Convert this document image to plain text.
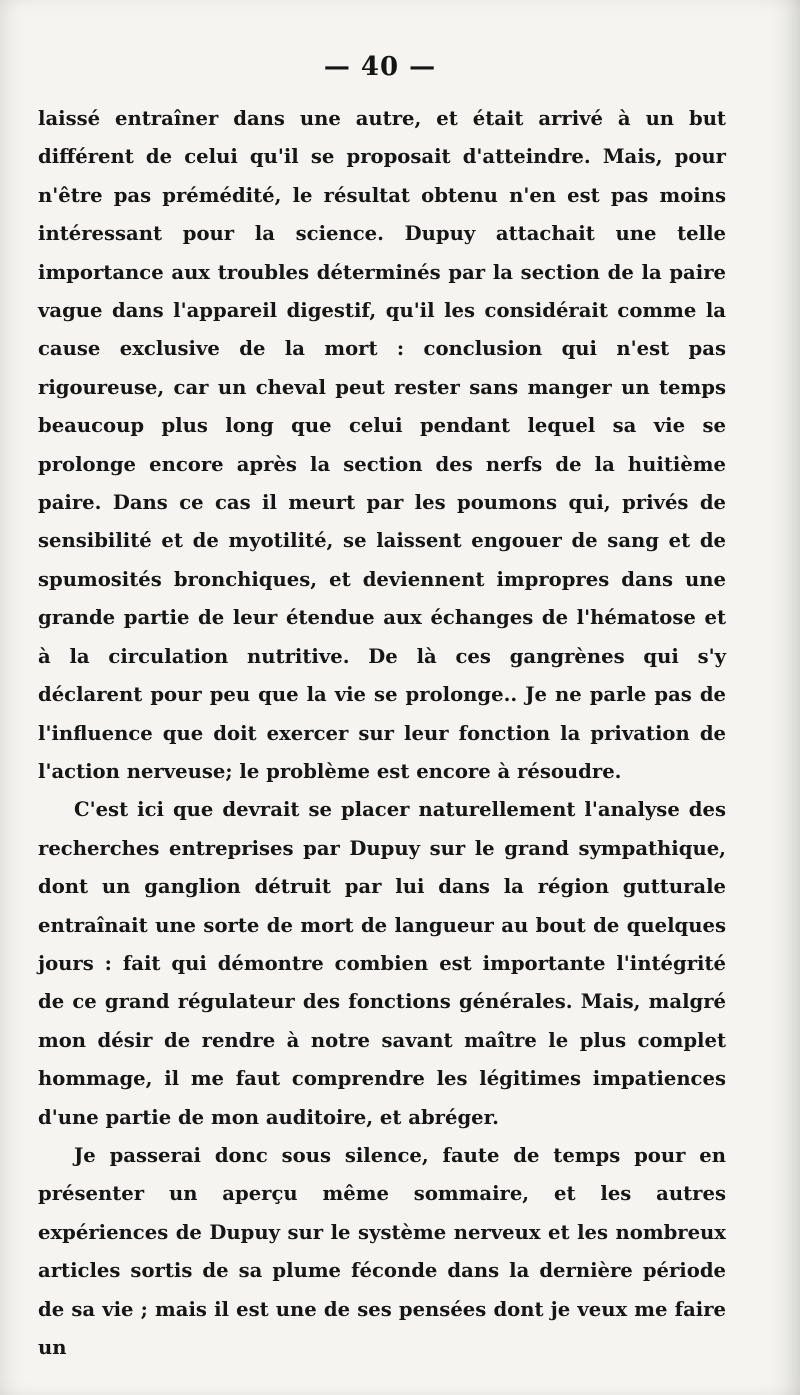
— 40 —

laissé entraîner dans une autre, et était arrivé à un but différent de celui qu'il se proposait d'atteindre. Mais, pour n'être pas prémédité, le résultat obtenu n'en est pas moins intéressant pour la science. Dupuy attachait une telle importance aux troubles déterminés par la section de la paire vague dans l'appareil digestif, qu'il les considérait comme la cause exclusive de la mort : conclusion qui n'est pas rigoureuse, car un cheval peut rester sans manger un temps beaucoup plus long que celui pendant lequel sa vie se prolonge encore après la section des nerfs de la huitième paire. Dans ce cas il meurt par les poumons qui, privés de sensibilité et de myotilité, se laissent engouer de sang et de spumosités bronchiques, et deviennent impropres dans une grande partie de leur étendue aux échanges de l'hématose et à la circulation nutritive. De là ces gangrènes qui s'y déclarent pour peu que la vie se prolonge.. Je ne parle pas de l'influence que doit exercer sur leur fonction la privation de l'action nerveuse; le problème est encore à résoudre.

C'est ici que devrait se placer naturellement l'analyse des recherches entreprises par Dupuy sur le grand sympathique, dont un ganglion détruit par lui dans la région gutturale entraînait une sorte de mort de langueur au bout de quelques jours : fait qui démontre combien est importante l'intégrité de ce grand régulateur des fonctions générales. Mais, malgré mon désir de rendre à notre savant maître le plus complet hommage, il me faut comprendre les légitimes impatiences d'une partie de mon auditoire, et abréger.

Je passerai donc sous silence, faute de temps pour en présenter un aperçu même sommaire, et les autres expériences de Dupuy sur le système nerveux et les nombreux articles sortis de sa plume féconde dans la dernière période de sa vie ; mais il est une de ses pensées dont je veux me faire un
